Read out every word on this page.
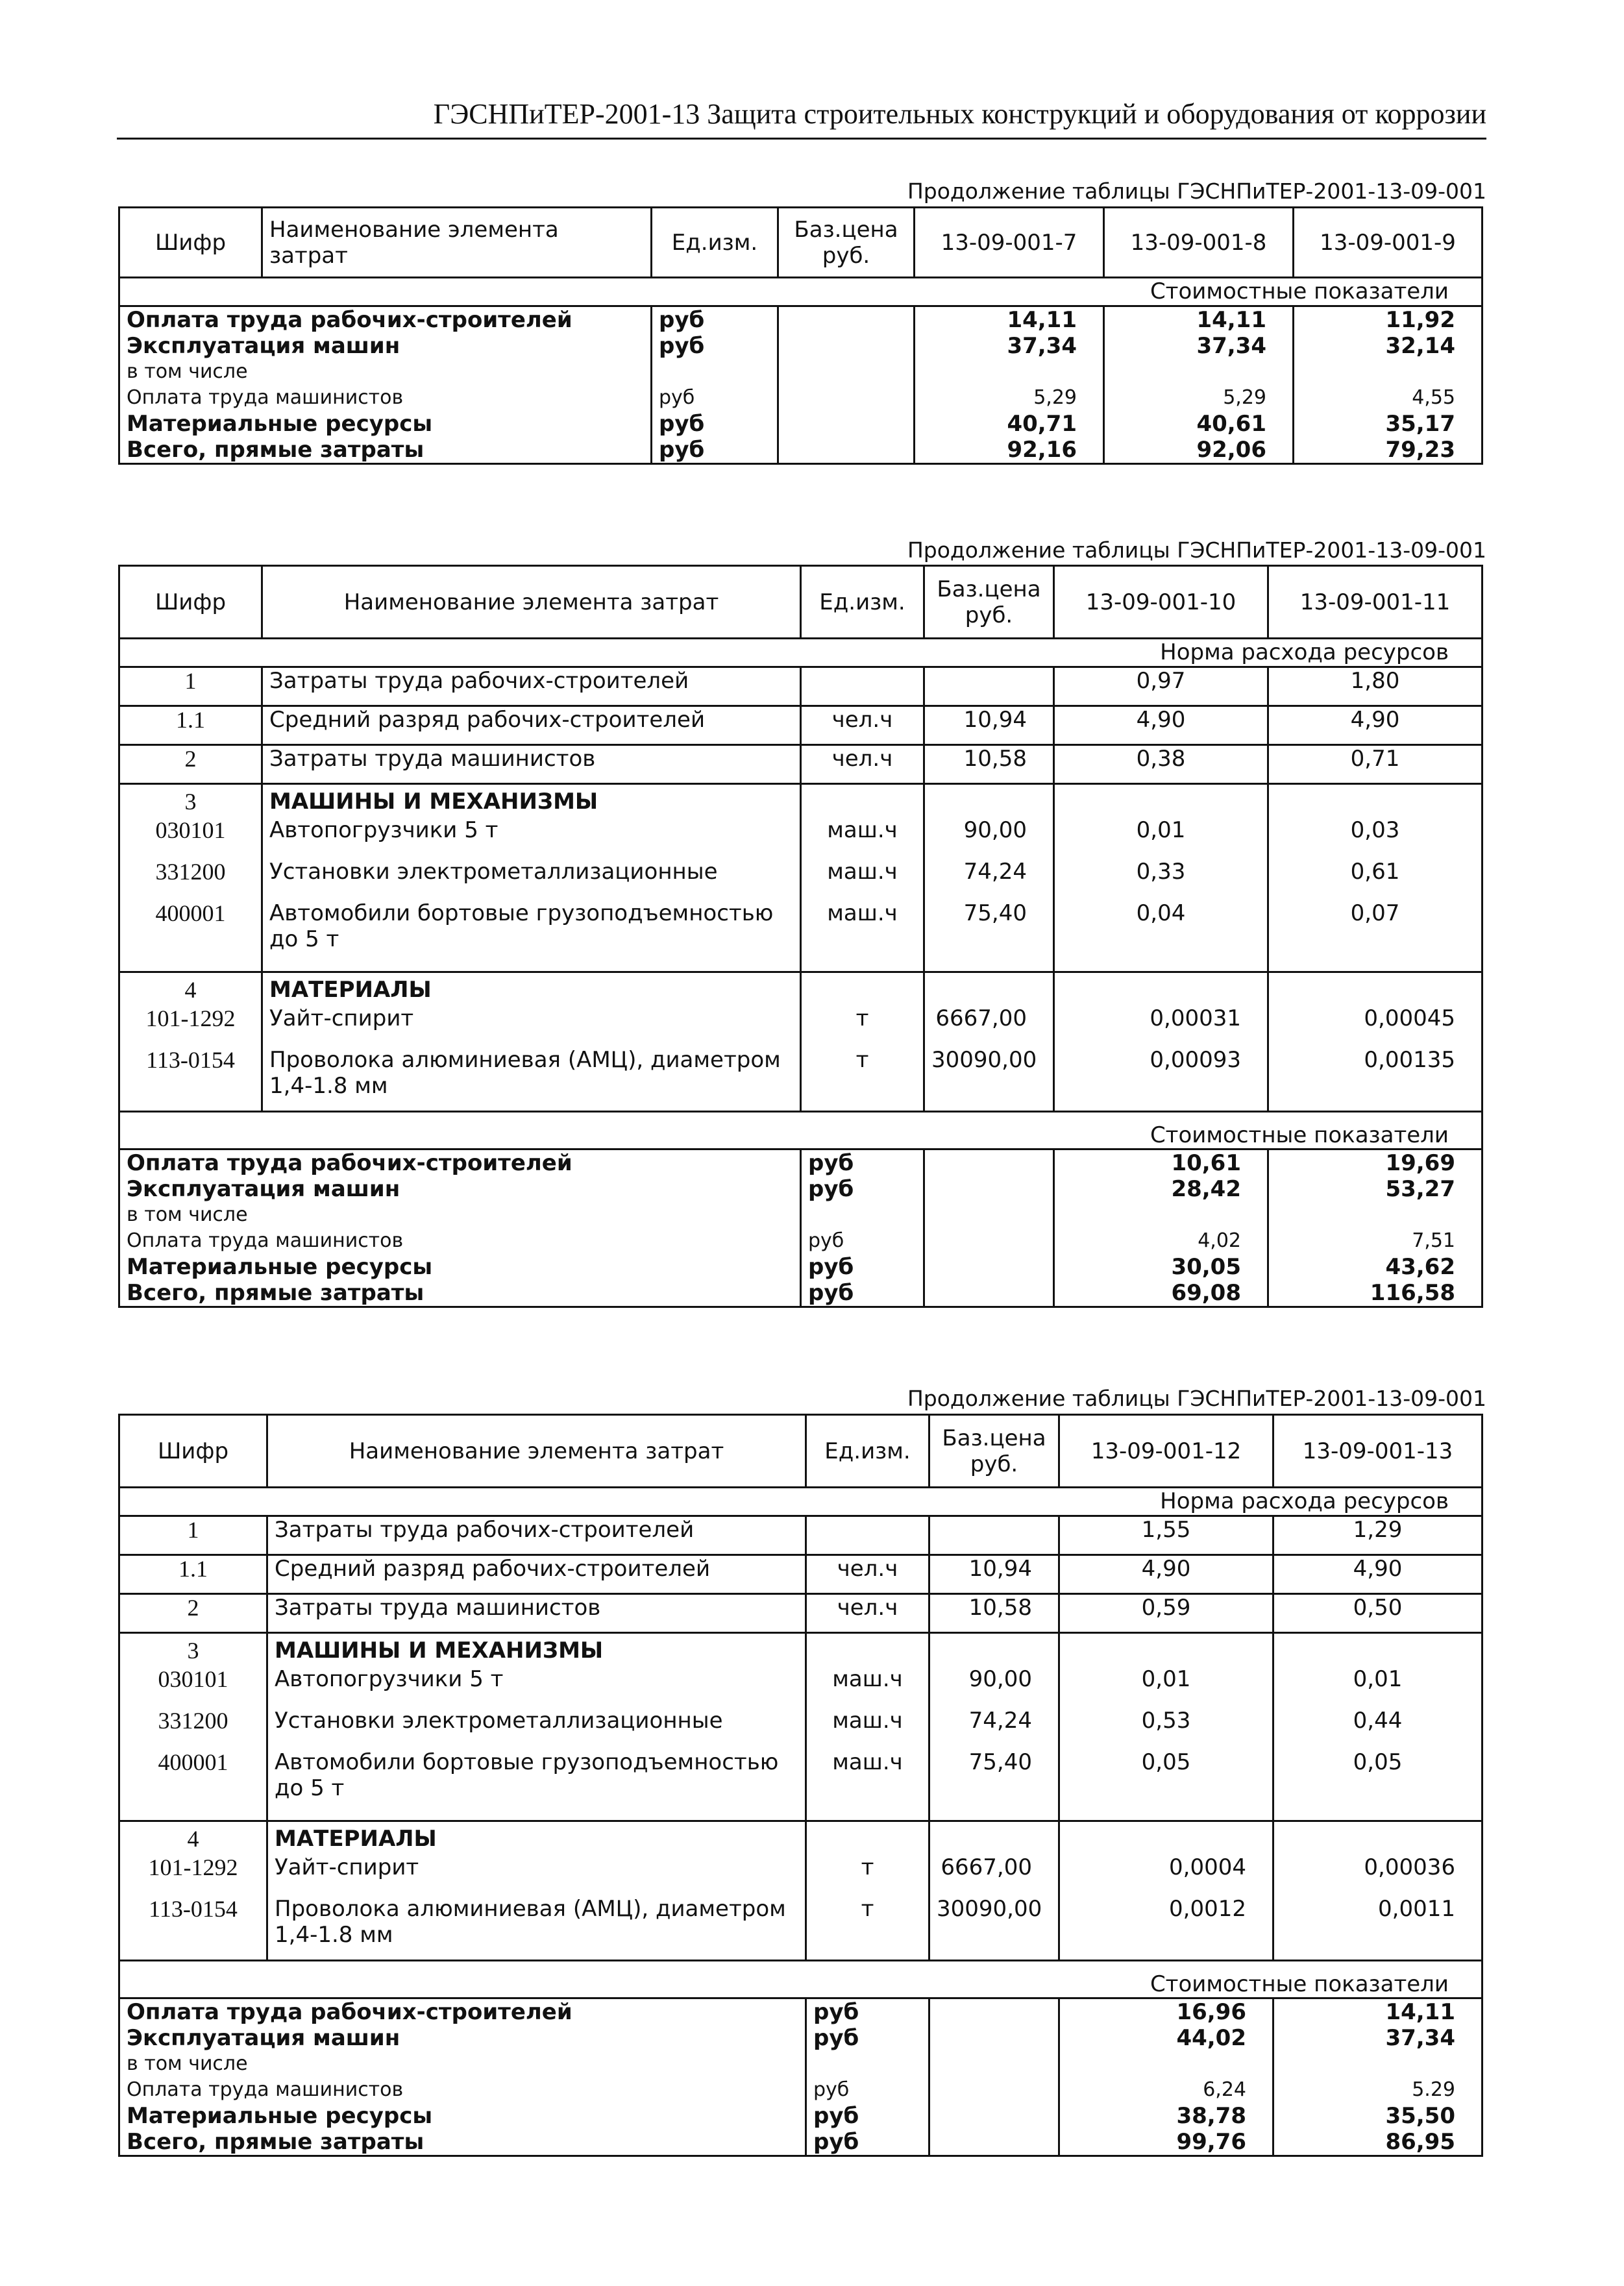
ГЭСНПиТЕР-2001-13 Защита строительных конструкций и оборудования от коррозии
Продолжение таблицы ГЭСНПиТЕР-2001-13-09-001
Шифр	Наименование элемента затрат	Ед.изм.	Баз.цена руб.	13-09-001-7	13-09-001-8	13-09-001-9
Стоимостные показатели						
Оплата труда рабочих-строителей		руб		14,11	14,11	11,92
Эксплуатация машин		руб		37,34	37,34	32,14
в том числе						
Оплата труда машинистов		руб		5,29	5,29	4,55
Материальные ресурсы		руб		40,71	40,61	35,17
Всего, прямые затраты		руб		92,16	92,06	79,23
Продолжение таблицы ГЭСНПиТЕР-2001-13-09-001
Шифр	Наименование элемента затрат	Ед.изм.	Баз.цена руб.	13-09-001-10	13-09-001-11
Норма расхода ресурсов					
1	Затраты труда рабочих-строителей			0,97	1,80
1.1	Средний разряд рабочих-строителей	чел.ч	10,94	4,90	4,90
2	Затраты труда машинистов	чел.ч	10,58	0,38	0,71
3	МАШИНЫ И МЕХАНИЗМЫ				
030101	Автопогрузчики 5 т	маш.ч	90,00	0,01	0,03
331200	Установки электрометаллизационные	маш.ч	74,24	0,33	0,61
400001	Автомобили бортовые грузоподъемностью до 5 т	маш.ч	75,40	0,04	0,07
4	МАТЕРИАЛЫ				
101-1292	Уайт-спирит	т	6667,00	0,00031	0,00045
113-0154	Проволока алюминиевая (АМЦ), диаметром 1,4-1.8 мм	т	30090,00	0,00093	0,00135
Стоимостные показатели					
Оплата труда рабочих-строителей		руб		10,61	19,69
Эксплуатация машин		руб		28,42	53,27
в том числе					
Оплата труда машинистов		руб		4,02	7,51
Материальные ресурсы		руб		30,05	43,62
Всего, прямые затраты		руб		69,08	116,58
Продолжение таблицы ГЭСНПиТЕР-2001-13-09-001
Шифр	Наименование элемента затрат	Ед.изм.	Баз.цена руб.	13-09-001-12	13-09-001-13
Норма расхода ресурсов					
1	Затраты труда рабочих-строителей			1,55	1,29
1.1	Средний разряд рабочих-строителей	чел.ч	10,94	4,90	4,90
2	Затраты труда машинистов	чел.ч	10,58	0,59	0,50
3	МАШИНЫ И МЕХАНИЗМЫ				
030101	Автопогрузчики 5 т	маш.ч	90,00	0,01	0,01
331200	Установки электрометаллизационные	маш.ч	74,24	0,53	0,44
400001	Автомобили бортовые грузоподъемностью до 5 т	маш.ч	75,40	0,05	0,05
4	МАТЕРИАЛЫ				
101-1292	Уайт-спирит	т	6667,00	0,0004	0,00036
113-0154	Проволока алюминиевая (АМЦ), диаметром 1,4-1.8 мм	т	30090,00	0,0012	0,0011
Стоимостные показатели					
Оплата труда рабочих-строителей		руб		16,96	14,11
Эксплуатация машин		руб		44,02	37,34
в том числе					
Оплата труда машинистов		руб		6,24	5.29
Материальные ресурсы		руб		38,78	35,50
Всего, прямые затраты		руб		99,76	86,95
